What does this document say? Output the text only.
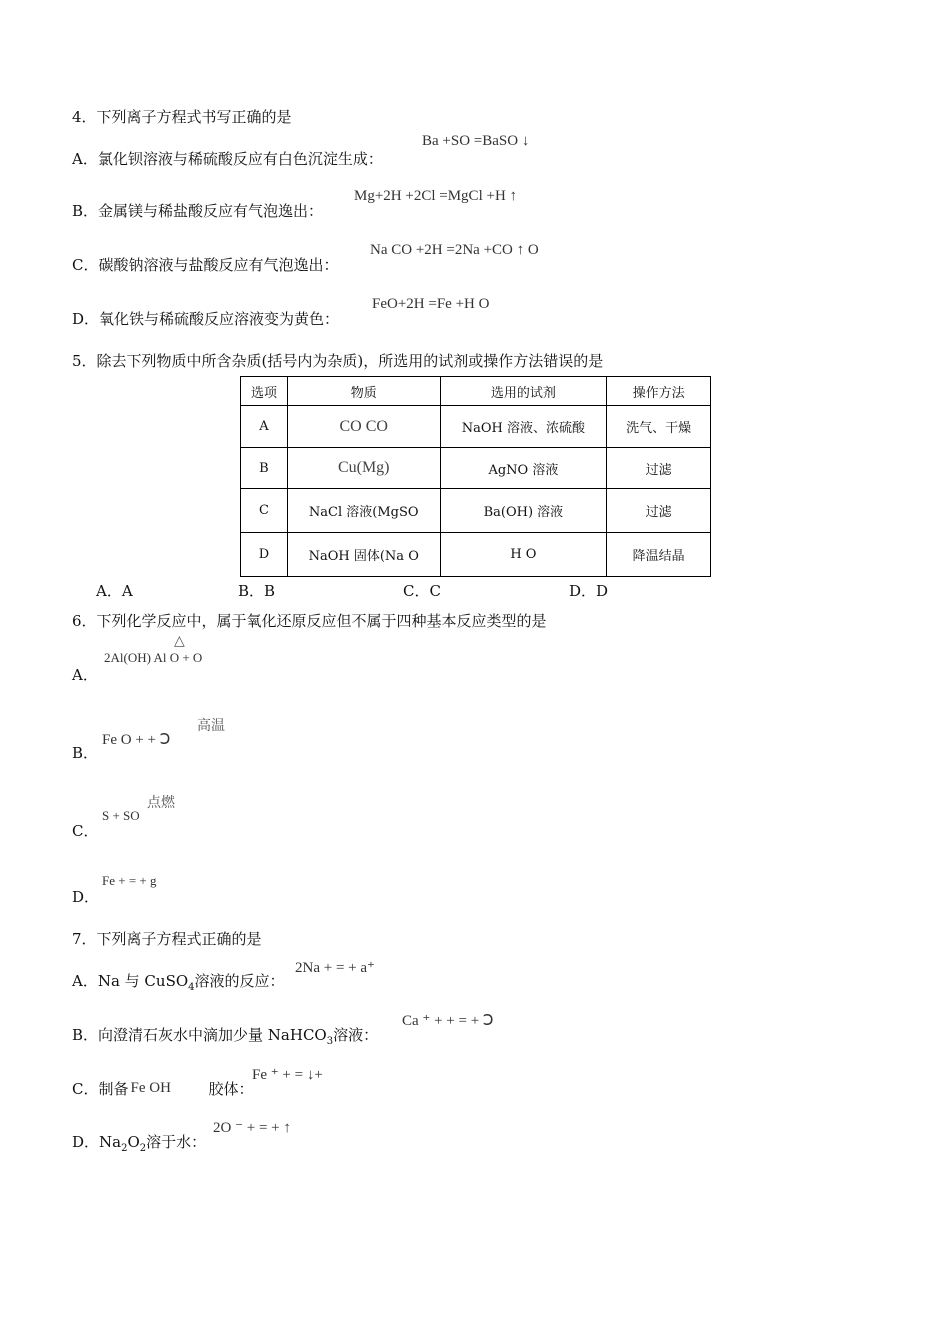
4．下列离子方程式书写正确的是
A．氯化钡溶液与稀硫酸反应有白色沉淀生成：
Ba +SO =BaSO ↓
B．金属镁与稀盐酸反应有气泡逸出：
Mg+2H +2Cl =MgCl +H ↑
C．碳酸钠溶液与盐酸反应有气泡逸出：
Na CO +2H =2Na +CO ↑ O
D．氧化铁与稀硫酸反应溶液变为黄色：
FeO+2H =Fe +H O
5．除去下列物质中所含杂质(括号内为杂质)，所选用的试剂或操作方法错误的是
选项	物质	选用的试剂	操作方法
A	CO CO	NaOH 溶液、浓硫酸	洗气、干燥
B	Cu(Mg)	AgNO 溶液	过滤
C	NaCl 溶液(MgSO	Ba(OH) 溶液	过滤
D	NaOH 固体(Na O	H O	降温结晶
A．A	B．B	C．C	D．D
6．下列化学反应中，属于氧化还原反应但不属于四种基本反应类型的是
A．
△
2Al(OH) Al O + O
B．
高温
Fe O + + Ↄ
C．
点燃
S + SO
D．
Fe + = + g
7．下列离子方程式正确的是
A．Na 与 CuSO$_4$溶液的反应：
2Na + = + a⁺
B．向澄清石灰水中滴加少量 NaHCO$_3$溶液：
Ca ⁺ + + = + Ↄ
C．制备 Fe OH	胶体：
Fe ⁺ + = ↓+
D．$Na_2O_2$溶于水：
2O ⁻ + = + ↑
